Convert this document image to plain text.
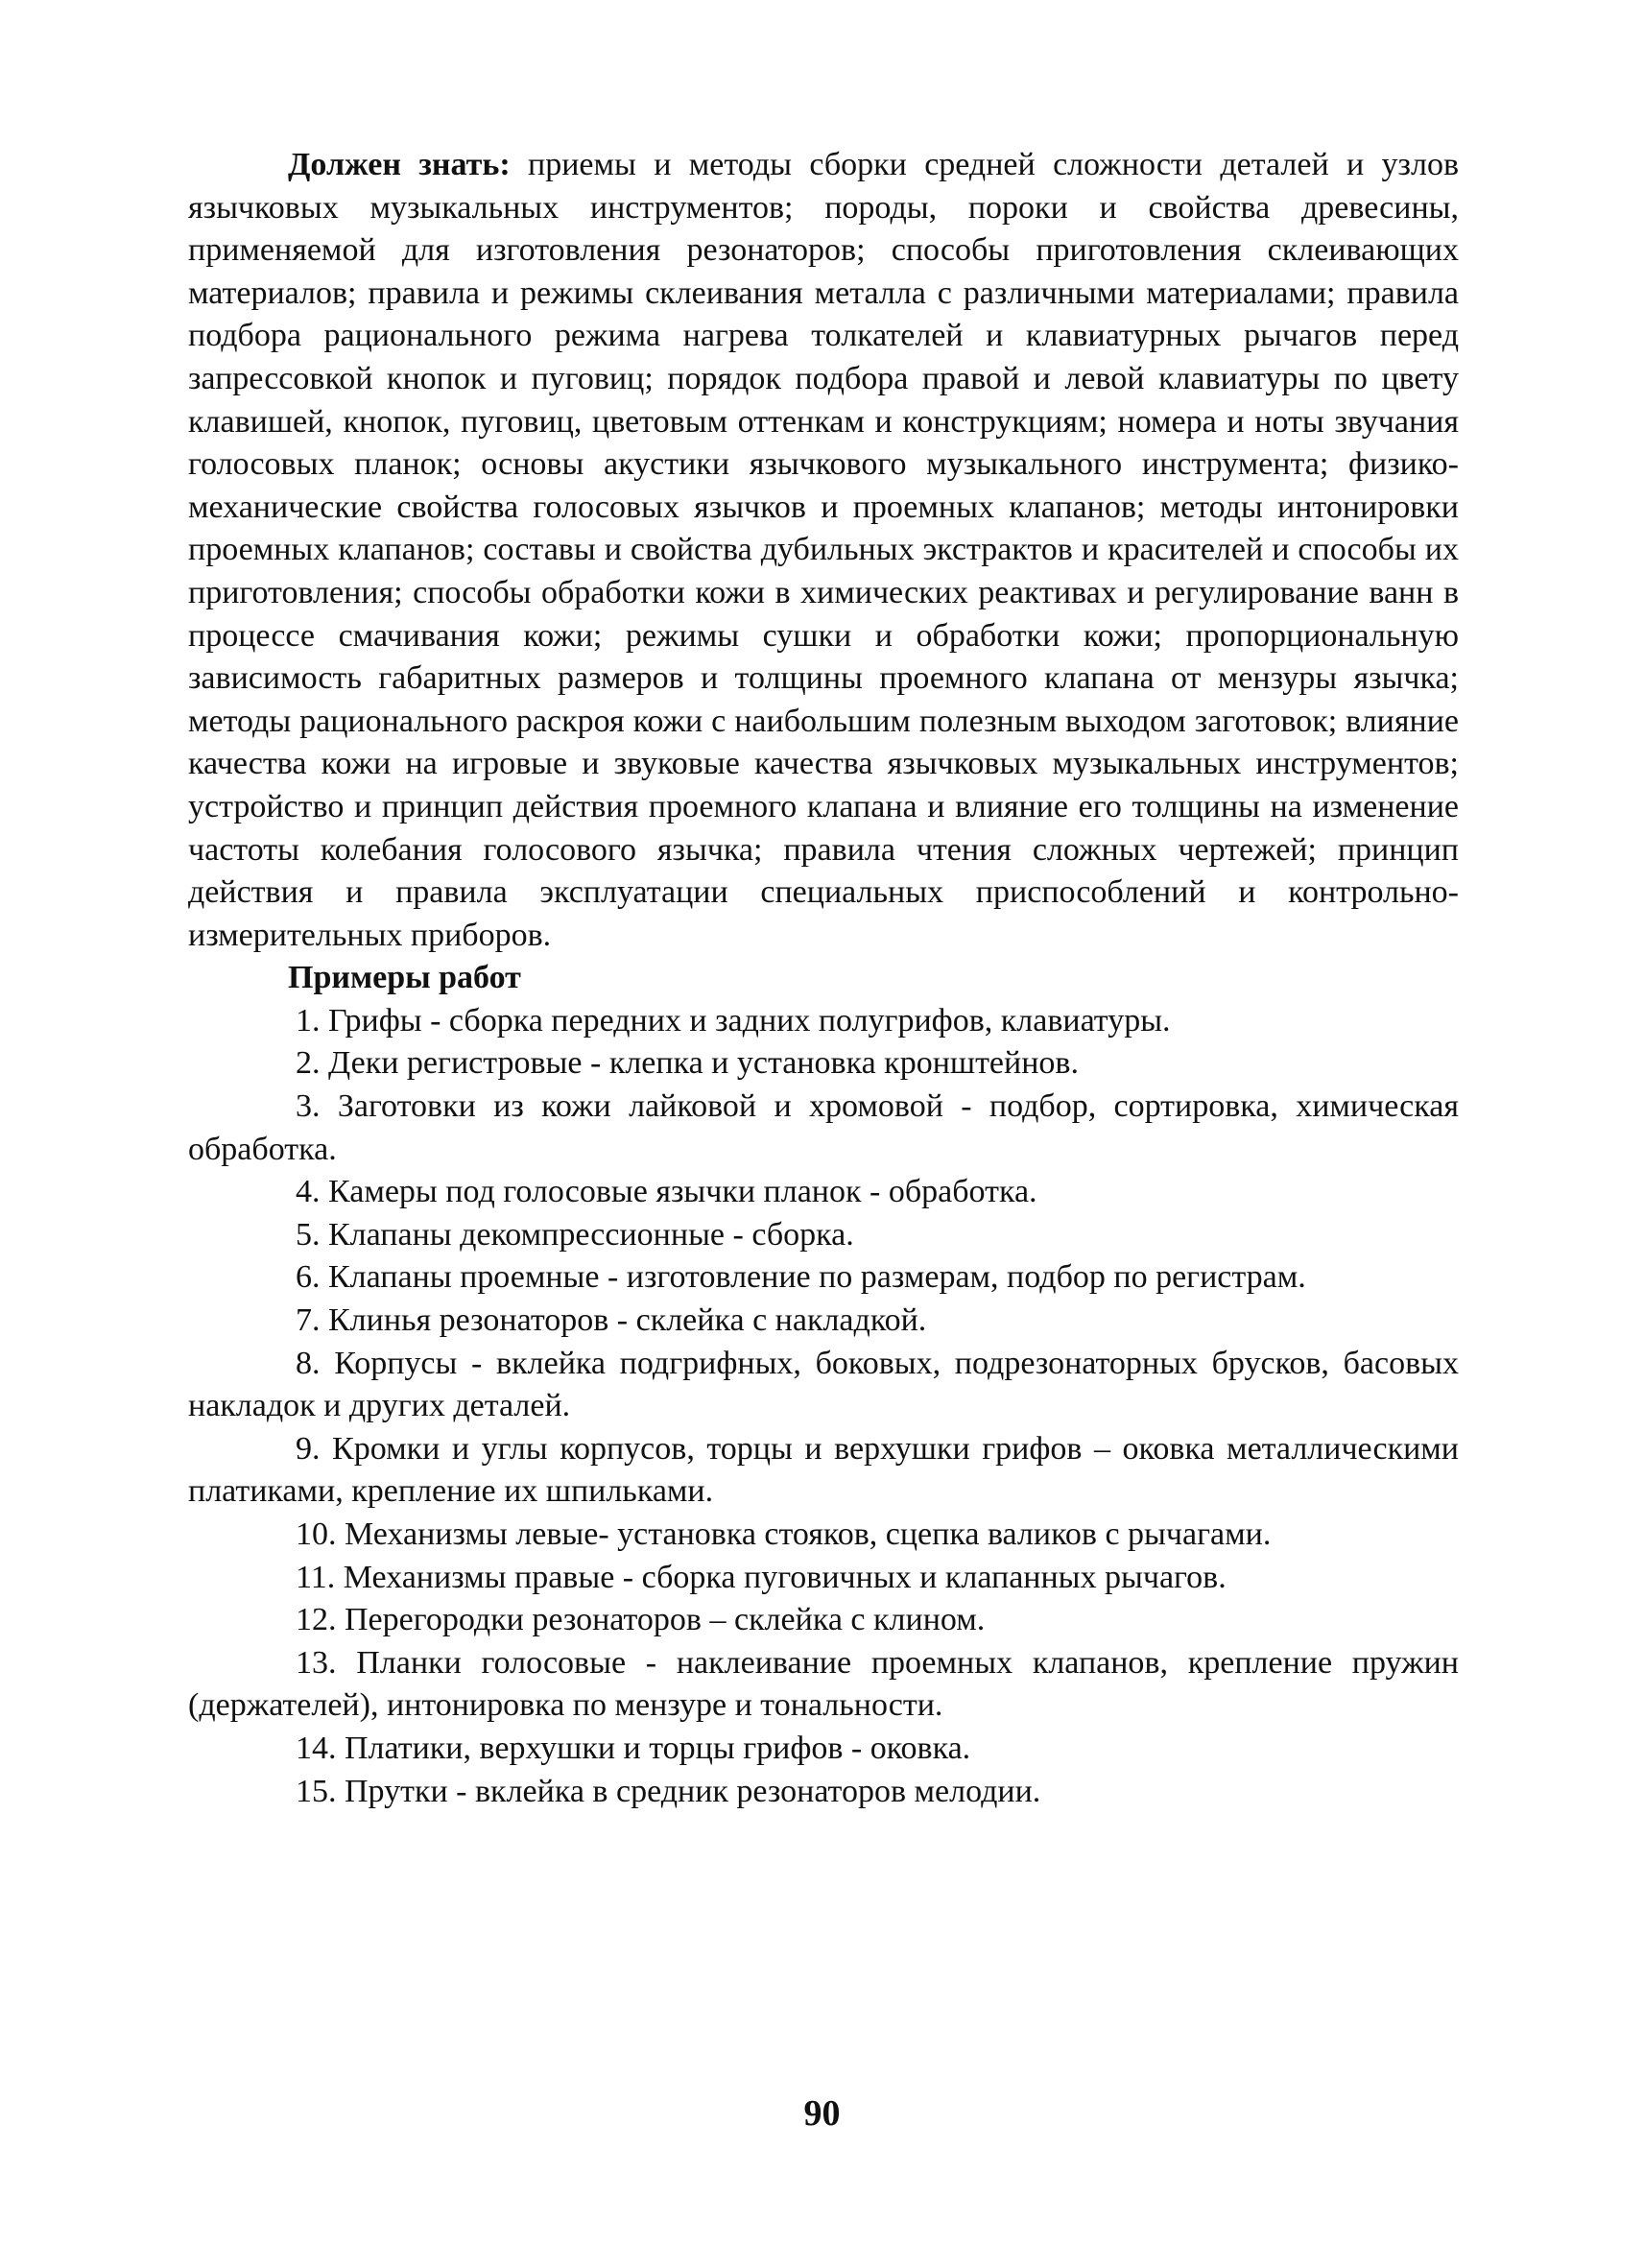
Должен знать: приемы и методы сборки средней сложности деталей и узлов язычковых музыкальных инструментов; породы, пороки и свойства древесины, применяемой для изготовления резонаторов; способы приготовления склеивающих материалов; правила и режимы склеивания металла с различными материалами; правила подбора рационального режима нагрева толкателей и клавиатурных рычагов перед запрессовкой кнопок и пуговиц; порядок подбора правой и левой клавиатуры по цвету клавишей, кнопок, пуговиц, цветовым оттенкам и конструкциям; номера и ноты звучания голосовых планок; основы акустики язычкового музыкального инструмента; физико-механические свойства голосовых язычков и проемных клапанов; методы интонировки проемных клапанов; составы и свойства дубильных экстрактов и красителей и способы их приготовления; способы обработки кожи в химических реактивах и регулирование ванн в процессе смачивания кожи; режимы сушки и обработки кожи; пропорциональную зависимость габаритных размеров и толщины проемного клапана от мензуры язычка; методы рационального раскроя кожи с наибольшим полезным выходом заготовок; влияние качества кожи на игровые и звуковые качества язычковых музыкальных инструментов; устройство и принцип действия проемного клапана и влияние его толщины на изменение частоты колебания голосового язычка; правила чтения сложных чертежей; принцип действия и правила эксплуатации специальных приспособлений и контрольно-измерительных приборов.

Примеры работ

1. Грифы - сборка передних и задних полугрифов, клавиатуры.

2. Деки регистровые - клепка и установка кронштейнов.

3. Заготовки из кожи лайковой и хромовой - подбор, сортировка, химическая обработка.

4. Камеры под голосовые язычки планок - обработка.

5. Клапаны декомпрессионные - сборка.

6. Клапаны проемные - изготовление по размерам, подбор по регистрам.

7. Клинья резонаторов - склейка с накладкой.

8. Корпусы - вклейка подгрифных, боковых, подрезонаторных брусков, басовых накладок и других деталей.

9. Кромки и углы корпусов, торцы и верхушки грифов – оковка металлическими платиками, крепление их шпильками.

10. Механизмы левые- установка стояков, сцепка валиков с рычагами.

11. Механизмы правые - сборка пуговичных и клапанных рычагов.

12. Перегородки резонаторов – склейка с клином.

13. Планки голосовые - наклеивание проемных клапанов, крепление пружин (держателей), интонировка по мензуре и тональности.

14. Платики, верхушки и торцы грифов - оковка.

15. Прутки - вклейка в средник резонаторов мелодии.

90
